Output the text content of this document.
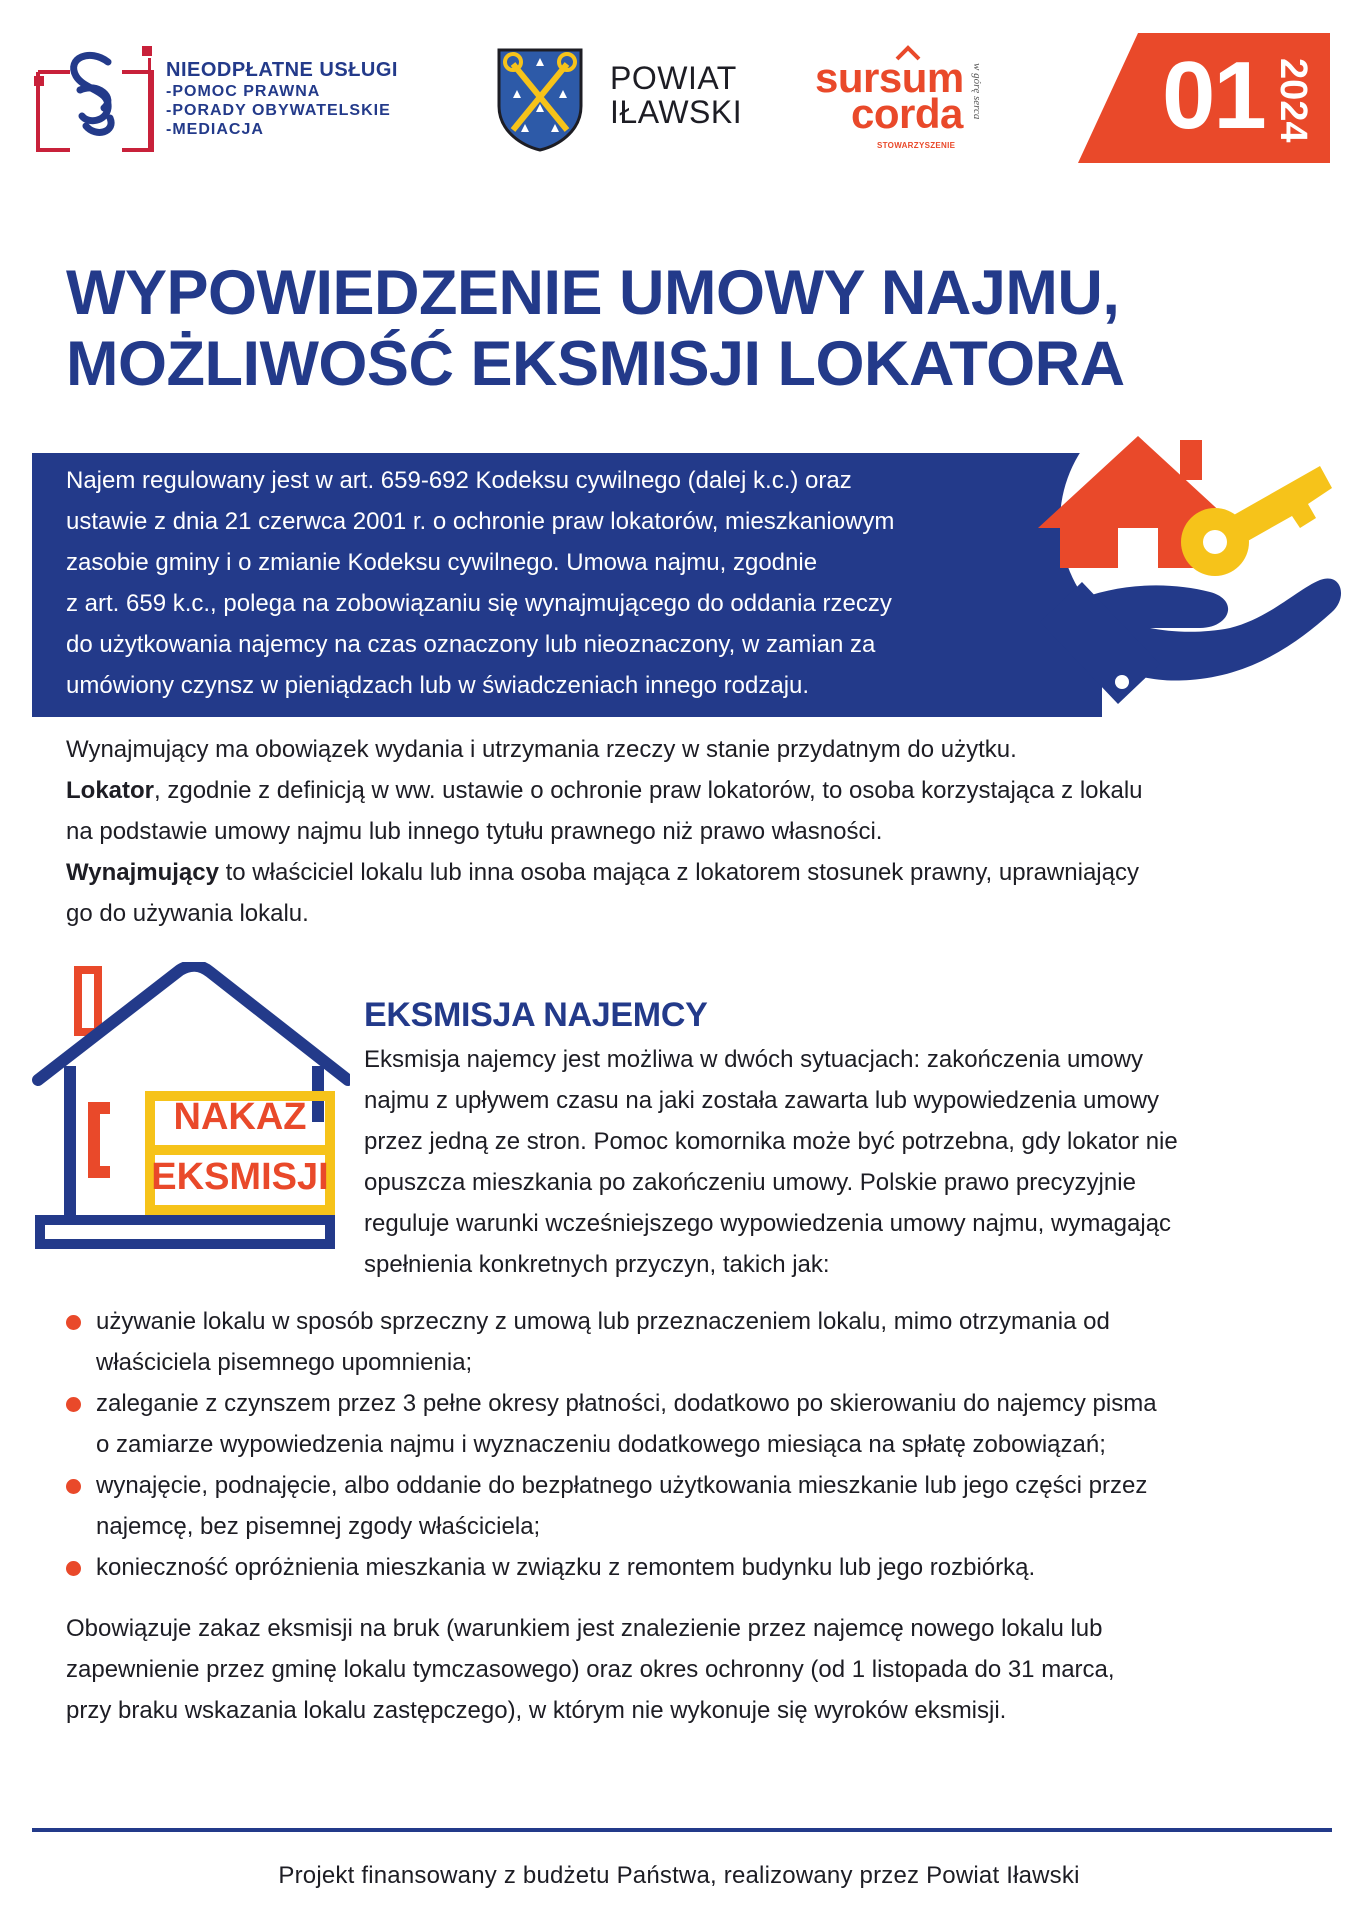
NIEODPŁATNE USŁUGI
-POMOC PRAWNA
-PORADY OBYWATELSKIE
-MEDIACJA
POWIAT
IŁAWSKI
sursum
corda
STOWARZYSZENIE
w górę serca 01 2024
WYPOWIEDZENIE UMOWY NAJMU,
MOŻLIWOŚĆ EKSMISJI LOKATORA
Najem regulowany jest w art. 659-692 Kodeksu cywilnego (dalej k.c.) oraz
ustawie z dnia 21 czerwca 2001 r. o ochronie praw lokatorów, mieszkaniowym
zasobie gminy i o zmianie Kodeksu cywilnego. Umowa najmu, zgodnie
z art. 659 k.c., polega na zobowiązaniu się wynajmującego do oddania rzeczy
do użytkowania najemcy na czas oznaczony lub nieoznaczony, w zamian za
umówiony czynsz w pieniądzach lub w świadczeniach innego rodzaju.
Wynajmujący ma obowiązek wydania i utrzymania rzeczy w stanie przydatnym do użytku.
Lokator, zgodnie z definicją w ww. ustawie o ochronie praw lokatorów, to osoba korzystająca z lokalu
na podstawie umowy najmu lub innego tytułu prawnego niż prawo własności.
Wynajmujący to właściciel lokalu lub inna osoba mająca z lokatorem stosunek prawny, uprawniający
go do używania lokalu.
NAKAZ
EKSMISJI
EKSMISJA NAJEMCY
Eksmisja najemcy jest możliwa w dwóch sytuacjach: zakończenia umowy
najmu z upływem czasu na jaki została zawarta lub wypowiedzenia umowy
przez jedną ze stron. Pomoc komornika może być potrzebna, gdy lokator nie
opuszcza mieszkania po zakończeniu umowy. Polskie prawo precyzyjnie
reguluje warunki wcześniejszego wypowiedzenia umowy najmu, wymagając
spełnienia konkretnych przyczyn, takich jak:
używanie lokalu w sposób sprzeczny z umową lub przeznaczeniem lokalu, mimo otrzymania od
właściciela pisemnego upomnienia;
zaleganie z czynszem przez 3 pełne okresy płatności, dodatkowo po skierowaniu do najemcy pisma
o zamiarze wypowiedzenia najmu i wyznaczeniu dodatkowego miesiąca na spłatę zobowiązań;
wynajęcie, podnajęcie, albo oddanie do bezpłatnego użytkowania mieszkanie lub jego części przez
najemcę, bez pisemnej zgody właściciela;
konieczność opróżnienia mieszkania w związku z remontem budynku lub jego rozbiórką.
Obowiązuje zakaz eksmisji na bruk (warunkiem jest znalezienie przez najemcę nowego lokalu lub
zapewnienie przez gminę lokalu tymczasowego) oraz okres ochronny (od 1 listopada do 31 marca,
przy braku wskazania lokalu zastępczego), w którym nie wykonuje się wyroków eksmisji.
Projekt finansowany z budżetu Państwa, realizowany przez Powiat Iławski
